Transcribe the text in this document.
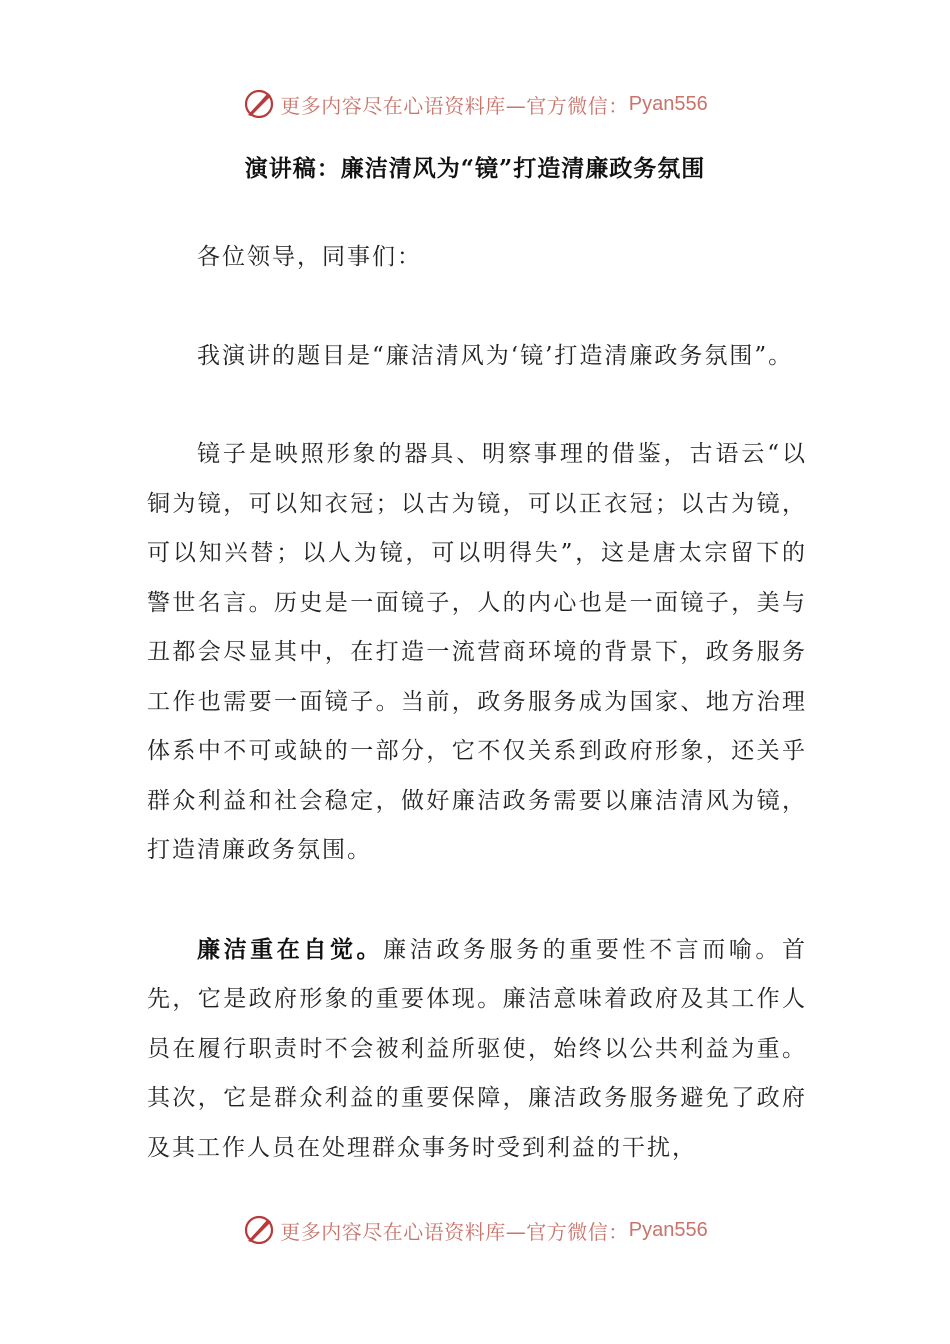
更多内容尽在心语资料库—官方微信： Pyan556
演讲稿：廉洁清风为“镜”打造清廉政务氛围

各位领导，同事们：

我演讲的题目是“廉洁清风为‘镜’打造清廉政务氛围”。

镜子是映照形象的器具、明察事理的借鉴，古语云“以铜为镜，可以知衣冠；以古为镜，可以正衣冠；以古为镜，可以知兴替；以人为镜，可以明得失”，这是唐太宗留下的警世名言。历史是一面镜子，人的内心也是一面镜子，美与丑都会尽显其中，在打造一流营商环境的背景下，政务服务工作也需要一面镜子。当前，政务服务成为国家、地方治理体系中不可或缺的一部分，它不仅关系到政府形象，还关乎群众利益和社会稳定，做好廉洁政务需要以廉洁清风为镜，打造清廉政务氛围。

廉洁重在自觉。廉洁政务服务的重要性不言而喻。首先，它是政府形象的重要体现。廉洁意味着政府及其工作人员在履行职责时不会被利益所驱使，始终以公共利益为重。其次，它是群众利益的重要保障，廉洁政务服务避免了政府及其工作人员在处理群众事务时受到利益的干扰，

更多内容尽在心语资料库—官方微信： Pyan556
